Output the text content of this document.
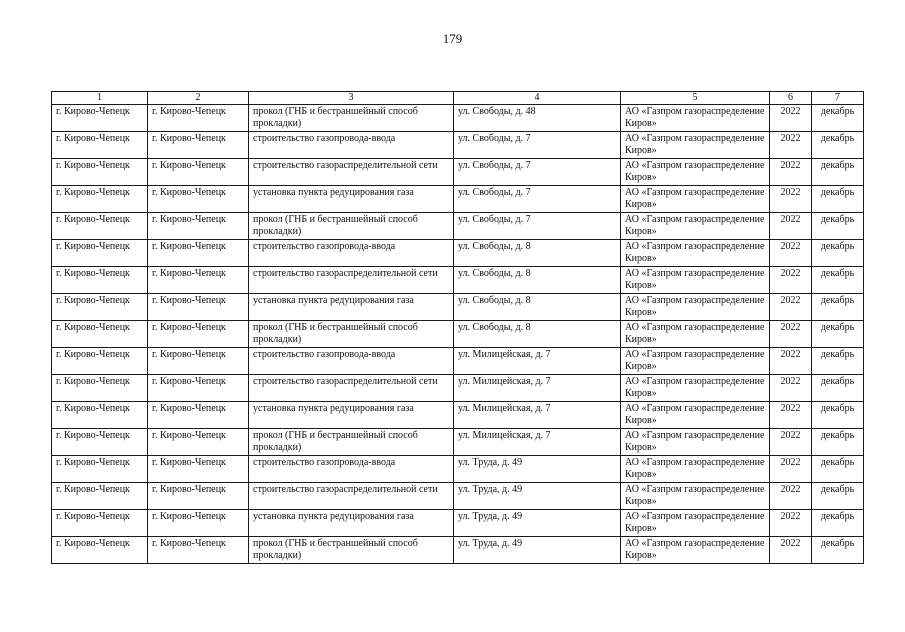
179
1	2	3	4	5	6	7
г. Кирово-Чепецк	г. Кирово-Чепецк	прокол (ГНБ и бестраншейный способ прокладки)	ул. Свободы, д. 48	АО «Газпром газораспределение Киров»	2022	декабрь
г. Кирово-Чепецк	г. Кирово-Чепецк	строительство газопровода-ввода	ул. Свободы, д. 7	АО «Газпром газораспределение Киров»	2022	декабрь
г. Кирово-Чепецк	г. Кирово-Чепецк	строительство газораспределительной сети	ул. Свободы, д. 7	АО «Газпром газораспределение Киров»	2022	декабрь
г. Кирово-Чепецк	г. Кирово-Чепецк	установка пункта редуцирования газа	ул. Свободы, д. 7	АО «Газпром газораспределение Киров»	2022	декабрь
г. Кирово-Чепецк	г. Кирово-Чепецк	прокол (ГНБ и бестраншейный способ прокладки)	ул. Свободы, д. 7	АО «Газпром газораспределение Киров»	2022	декабрь
г. Кирово-Чепецк	г. Кирово-Чепецк	строительство газопровода-ввода	ул. Свободы, д. 8	АО «Газпром газораспределение Киров»	2022	декабрь
г. Кирово-Чепецк	г. Кирово-Чепецк	строительство газораспределительной сети	ул. Свободы, д. 8	АО «Газпром газораспределение Киров»	2022	декабрь
г. Кирово-Чепецк	г. Кирово-Чепецк	установка пункта редуцирования газа	ул. Свободы, д. 8	АО «Газпром газораспределение Киров»	2022	декабрь
г. Кирово-Чепецк	г. Кирово-Чепецк	прокол (ГНБ и бестраншейный способ прокладки)	ул. Свободы, д. 8	АО «Газпром газораспределение Киров»	2022	декабрь
г. Кирово-Чепецк	г. Кирово-Чепецк	строительство газопровода-ввода	ул. Милицейская, д. 7	АО «Газпром газораспределение Киров»	2022	декабрь
г. Кирово-Чепецк	г. Кирово-Чепецк	строительство газораспределительной сети	ул. Милицейская, д. 7	АО «Газпром газораспределение Киров»	2022	декабрь
г. Кирово-Чепецк	г. Кирово-Чепецк	установка пункта редуцирования газа	ул. Милицейская, д. 7	АО «Газпром газораспределение Киров»	2022	декабрь
г. Кирово-Чепецк	г. Кирово-Чепецк	прокол (ГНБ и бестраншейный способ прокладки)	ул. Милицейская, д. 7	АО «Газпром газораспределение Киров»	2022	декабрь
г. Кирово-Чепецк	г. Кирово-Чепецк	строительство газопровода-ввода	ул. Труда, д. 49	АО «Газпром газораспределение Киров»	2022	декабрь
г. Кирово-Чепецк	г. Кирово-Чепецк	строительство газораспределительной сети	ул. Труда, д. 49	АО «Газпром газораспределение Киров»	2022	декабрь
г. Кирово-Чепецк	г. Кирово-Чепецк	установка пункта редуцирования газа	ул. Труда, д. 49	АО «Газпром газораспределение Киров»	2022	декабрь
г. Кирово-Чепецк	г. Кирово-Чепецк	прокол (ГНБ и бестраншейный способ прокладки)	ул. Труда, д. 49	АО «Газпром газораспределение Киров»	2022	декабрь
